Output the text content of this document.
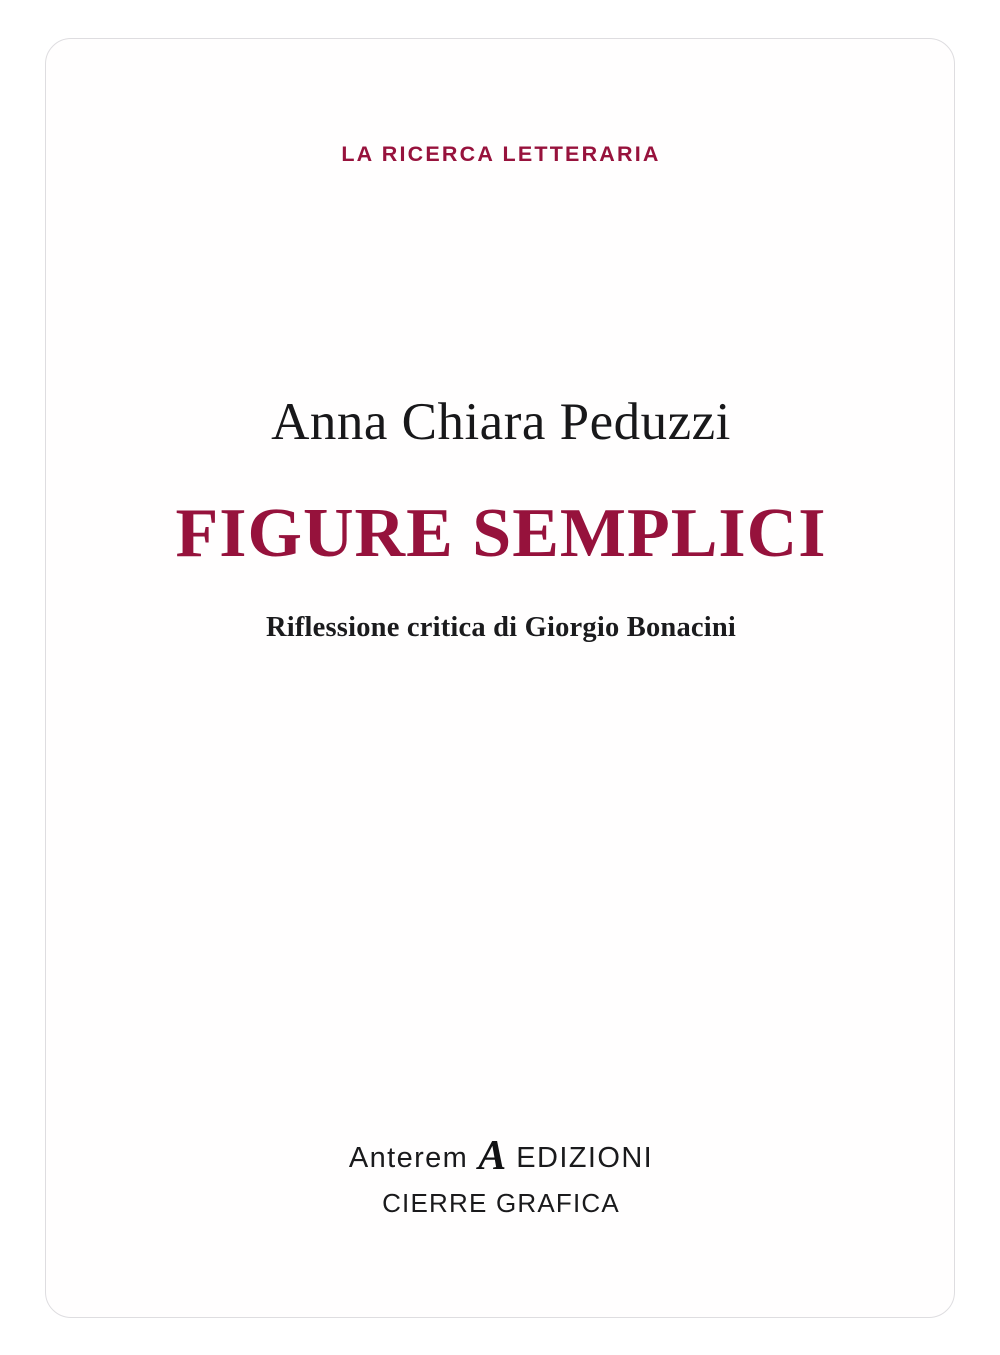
LA RICERCA LETTERARIA
Anna Chiara Peduzzi
FIGURE SEMPLICI
Riflessione critica di Giorgio Bonacini
Anterem A EDIZIONI
CIERRE GRAFICA
